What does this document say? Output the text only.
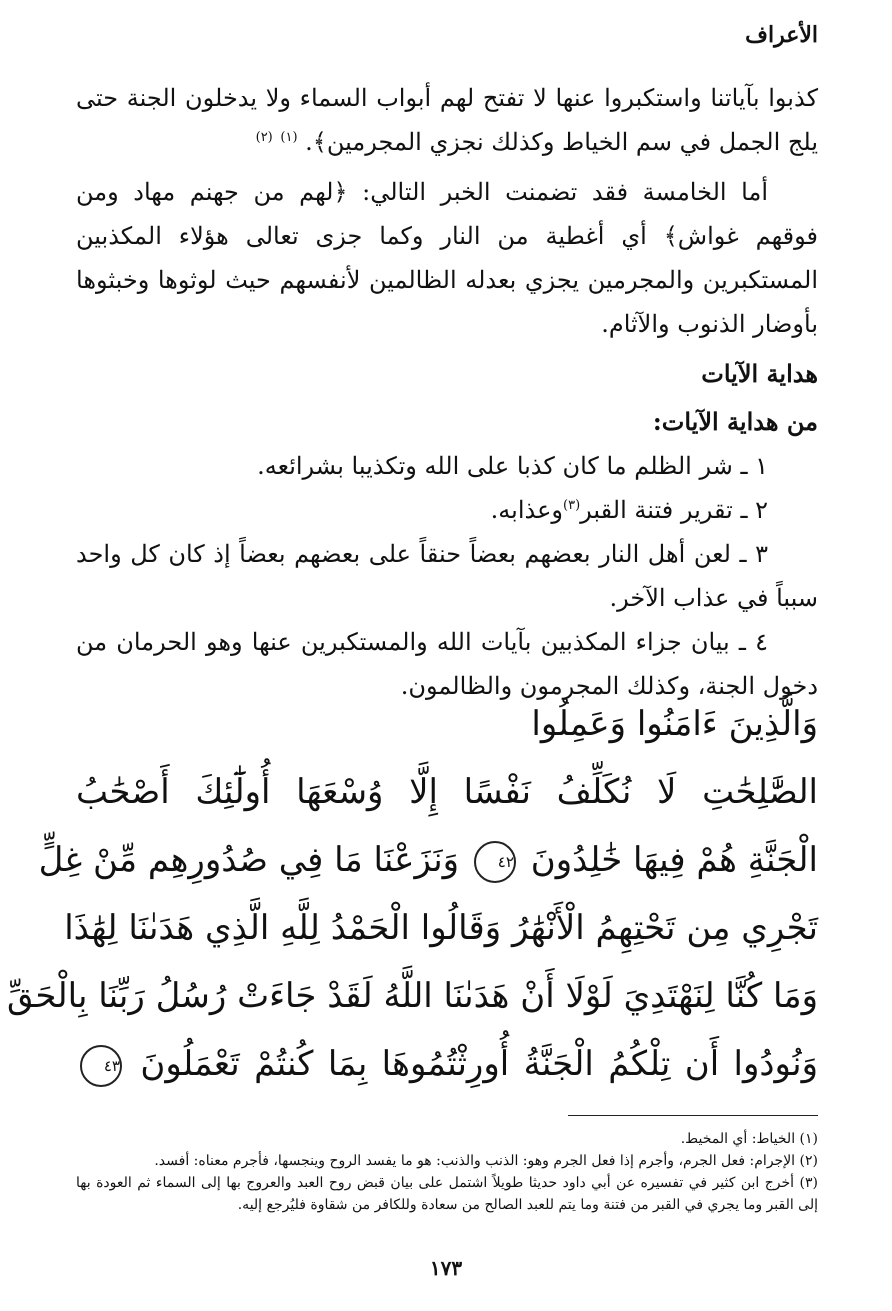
الأعراف

كذبوا بآياتنا واستكبروا عنها لا تفتح لهم أبواب السماء ولا يدخلون الجنة حتى يلج الجمل في سم الخياط وكذلك نجزي المجرمين﴾. $^{(١)}$ $^{(٢)}$

أما الخامسة فقد تضمنت الخبر التالي: ﴿لهم من جهنم مهاد ومن فوقهم غواش﴾ أي أغطية من النار وكما جزى تعالى هؤلاء المكذبين المستكبرين والمجرمين يجزي بعدله الظالمين لأنفسهم حيث لوثوها وخبثوها بأوضار الذنوب والآثام.

هداية الآيات
من هداية الآيات:

١ ـ شر الظلم ما كان كذبا على الله وتكذيبا بشرائعه.

٢ ـ تقرير فتنة القبر$^{(٣)}$وعذابه.

٣ ـ لعن أهل النار بعضهم بعضاً حنقاً على بعضهم بعضاً إذ كان كل واحد سبباً في عذاب الآخر.

٤ ـ بيان جزاء المكذبين بآيات الله والمستكبرين عنها وهو الحرمان من دخول الجنة، وكذلك المجرمون والظالمون.

وَالَّذِينَ ءَامَنُوا وَعَمِلُوا
الصَّٰلِحَٰتِ لَا نُكَلِّفُ نَفْسًا إِلَّا وُسْعَهَا أُولَٰٓئِكَ أَصْحَٰبُ
الْجَنَّةِ هُمْ فِيهَا خَٰلِدُونَ ٤٢ وَنَزَعْنَا مَا فِي صُدُورِهِم مِّنْ غِلٍّ
تَجْرِي مِن تَحْتِهِمُ الْأَنْهَٰرُ وَقَالُوا الْحَمْدُ لِلَّهِ الَّذِي هَدَىٰنَا لِهَٰذَا
وَمَا كُنَّا لِنَهْتَدِيَ لَوْلَا أَنْ هَدَىٰنَا اللَّهُ لَقَدْ جَاءَتْ رُسُلُ رَبِّنَا بِالْحَقِّ
وَنُودُوا أَن تِلْكُمُ الْجَنَّةُ أُورِثْتُمُوهَا بِمَا كُنتُمْ تَعْمَلُونَ ٤٣

(١) الخياط: أي المخيط.

(٢) الإجرام: فعل الجرم، وأجرم إذا فعل الجرم وهو: الذنب والذنب: هو ما يفسد الروح وينجسها، فأجرم معناه: أفسد.

(٣) أخرج ابن كثير في تفسيره عن أبي داود حديثا طويلاً اشتمل على بيان قبض روح العبد والعروج بها إلى السماء ثم العودة بها إلى القبر وما يجري في القبر من فتنة وما يتم للعبد الصالح من سعادة وللكافر من شقاوة فليُرجع إليه.

١٧٣
